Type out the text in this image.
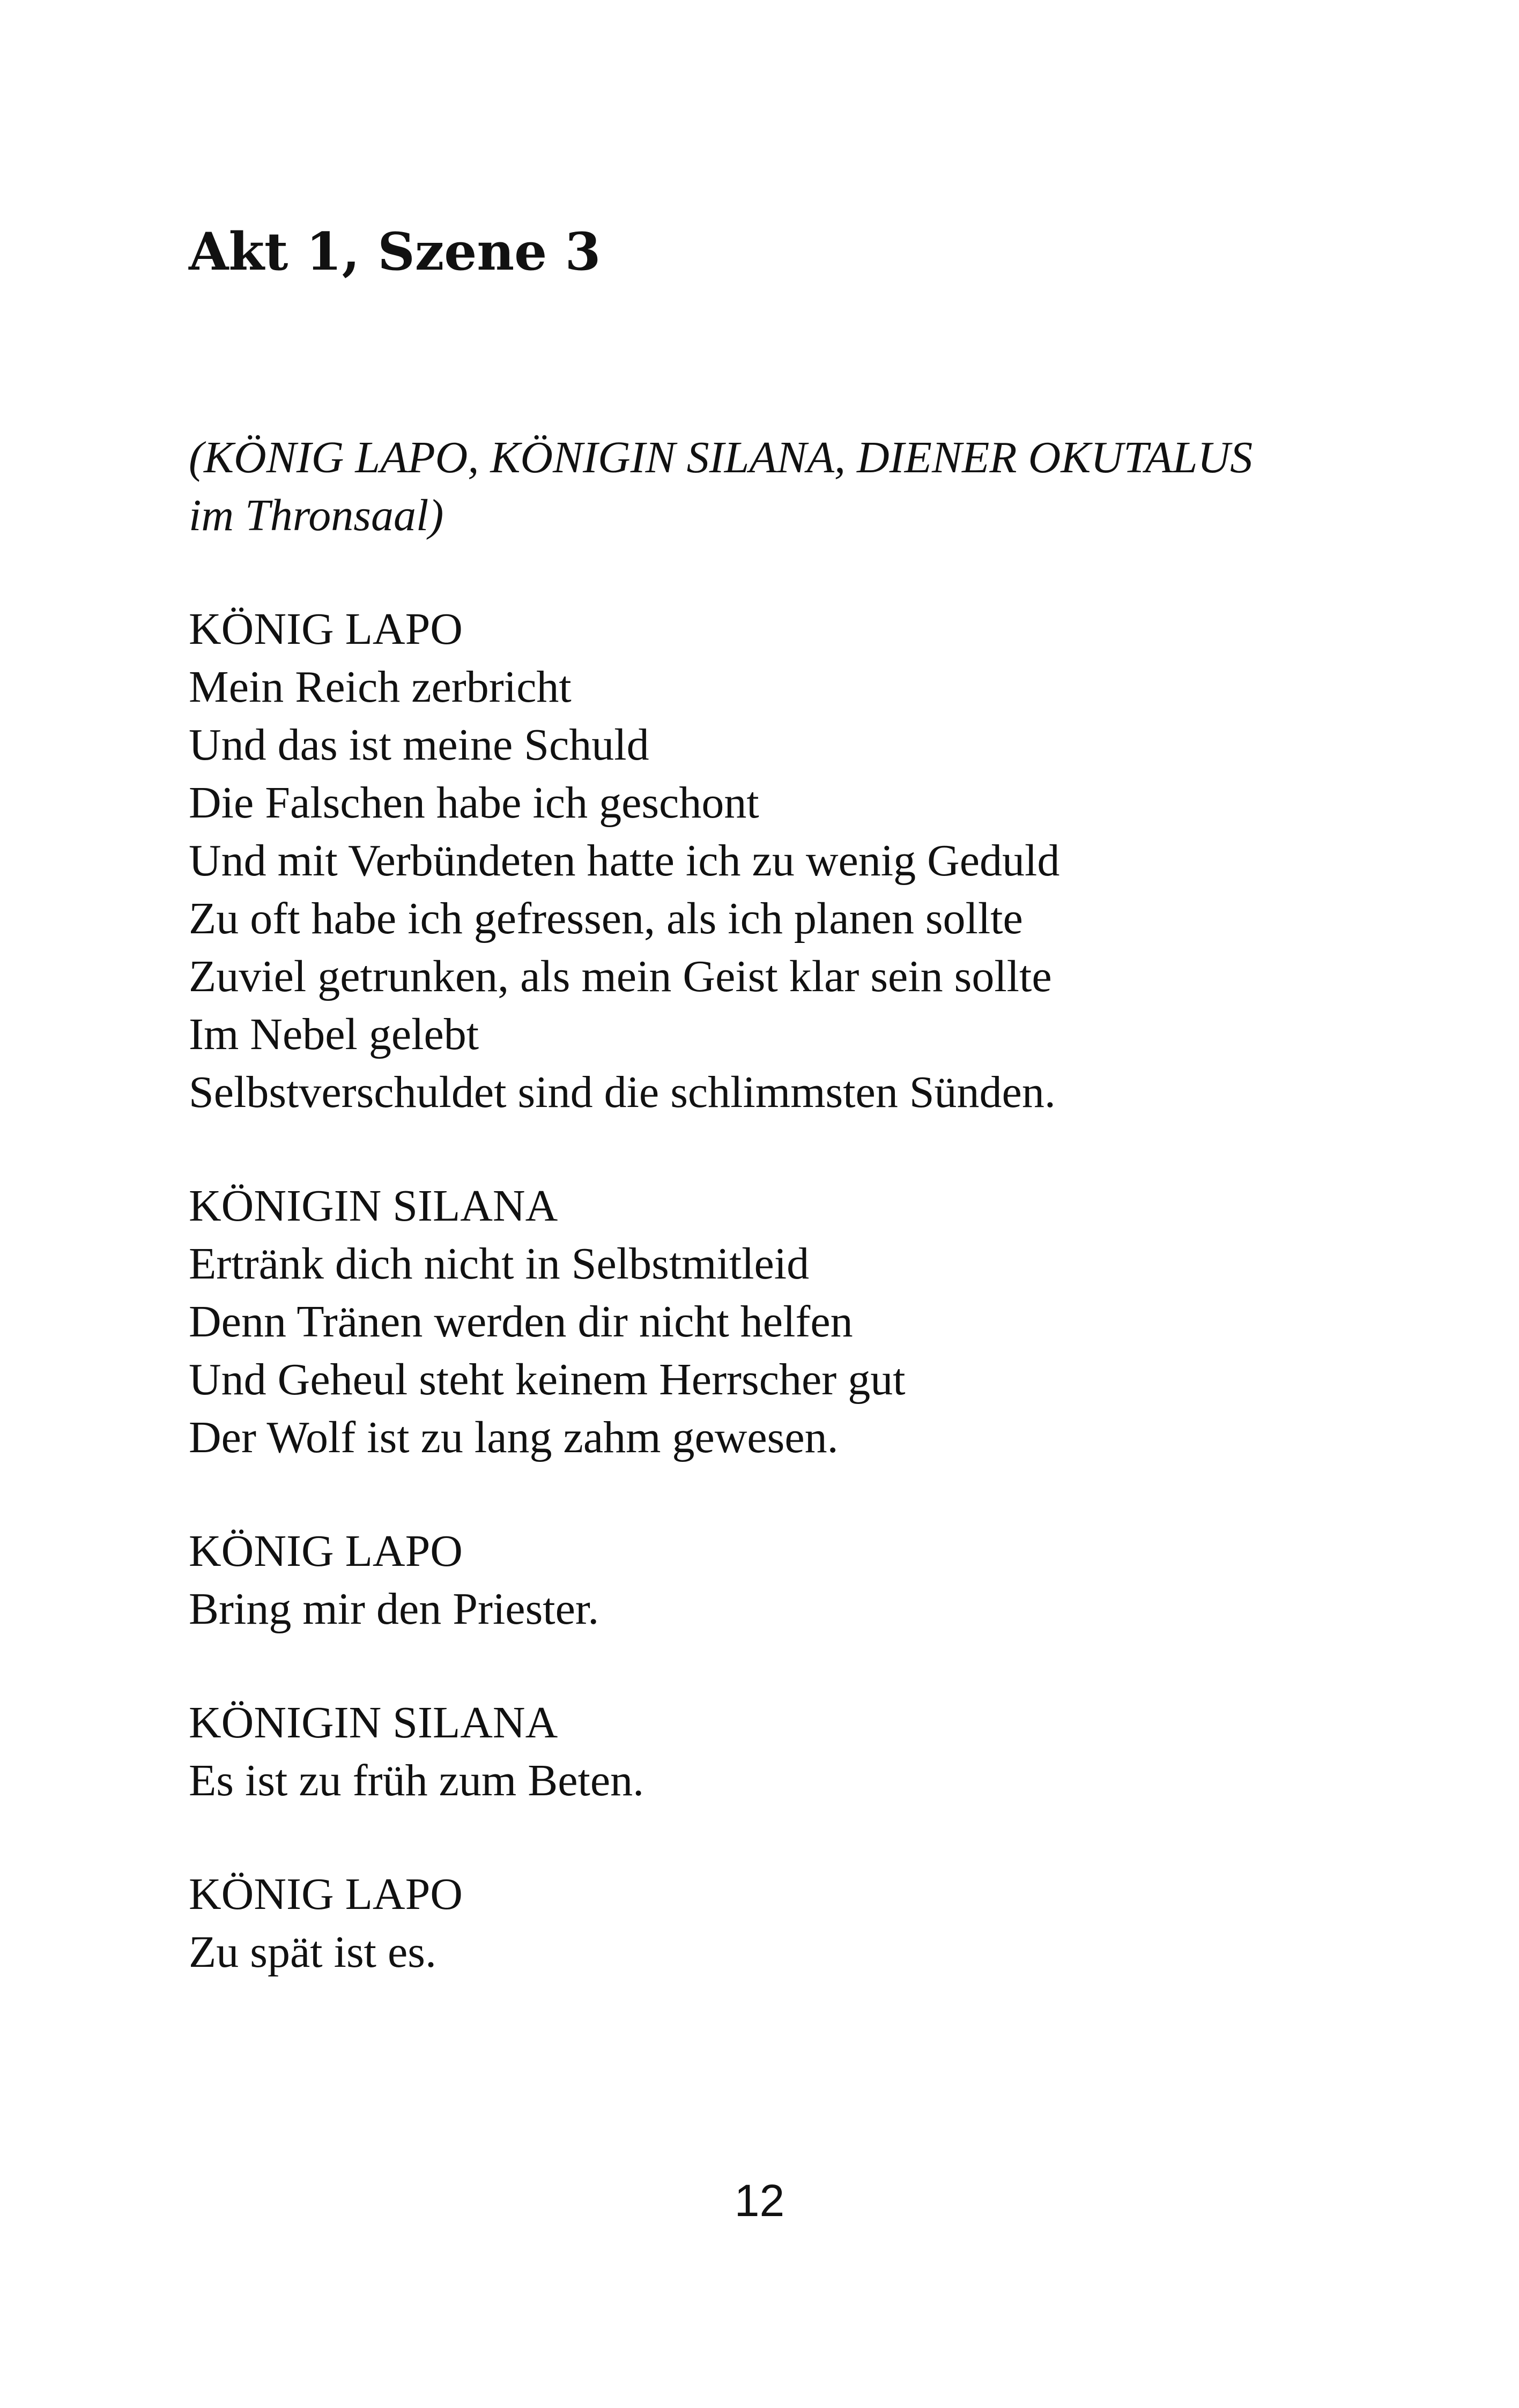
Akt 1, Szene 3
(KÖNIG LAPO, KÖNIGIN SILANA, DIENER OKUTALUS
im Thronsaal)
KÖNIG LAPO
Mein Reich zerbricht
Und das ist meine Schuld
Die Falschen habe ich geschont
Und mit Verbündeten hatte ich zu wenig Geduld
Zu oft habe ich gefressen, als ich planen sollte
Zuviel getrunken, als mein Geist klar sein sollte
Im Nebel gelebt
Selbstverschuldet sind die schlimmsten Sünden.
KÖNIGIN SILANA
Ertränk dich nicht in Selbstmitleid
Denn Tränen werden dir nicht helfen
Und Geheul steht keinem Herrscher gut
Der Wolf ist zu lang zahm gewesen.
KÖNIG LAPO
Bring mir den Priester.
KÖNIGIN SILANA
Es ist zu früh zum Beten.
KÖNIG LAPO
Zu spät ist es.
12
